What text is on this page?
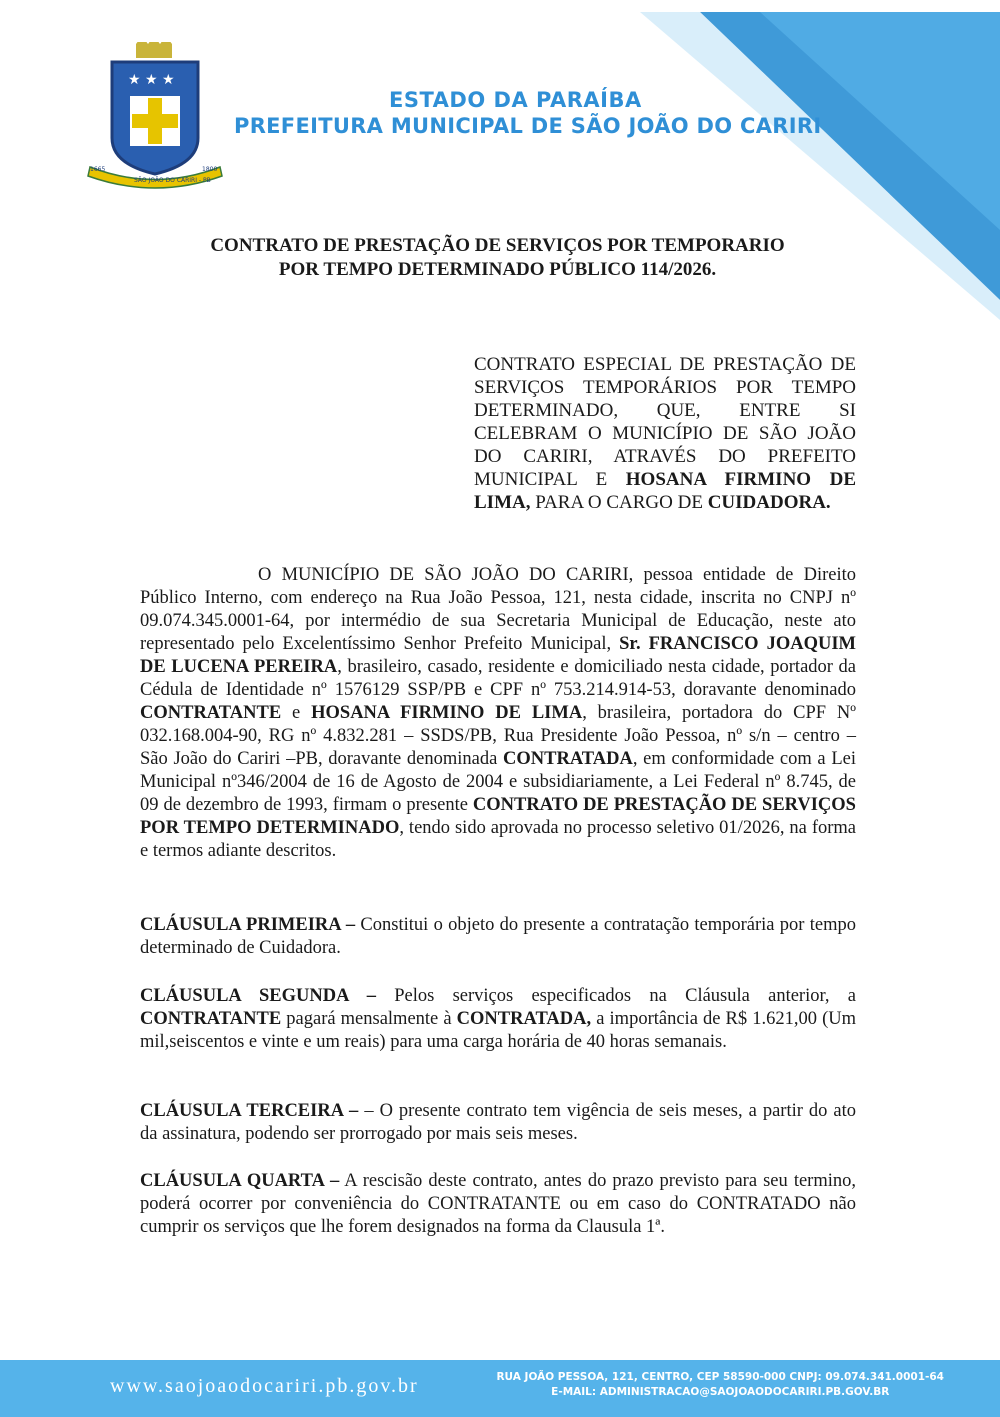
★ ★ ★
SÃO JOÃO DO CARIRI - PB
1665	1800
ESTADO DA PARAÍBA
PREFEITURA MUNICIPAL DE SÃO JOÃO DO CARIRI
CONTRATO DE PRESTAÇÃO DE SERVIÇOS POR TEMPORARIO
POR TEMPO DETERMINADO PÚBLICO 114/2026.
CONTRATO ESPECIAL DE PRESTAÇÃO DE SERVIÇOS TEMPORÁRIOS POR TEMPO DETERMINADO, QUE, ENTRE SI CELEBRAM O MUNICÍPIO DE SÃO JOÃO DO CARIRI, ATRAVÉS DO PREFEITO MUNICIPAL E HOSANA FIRMINO DE LIMA, PARA O CARGO DE CUIDADORA.
O MUNICÍPIO DE SÃO JOÃO DO CARIRI, pessoa entidade de Direito Público Interno, com endereço na Rua João Pessoa, 121, nesta cidade, inscrita no CNPJ nº 09.074.345.0001-64, por intermédio de sua Secretaria Municipal de Educação, neste ato representado pelo Excelentíssimo Senhor Prefeito Municipal, Sr. FRANCISCO JOAQUIM DE LUCENA PEREIRA, brasileiro, casado, residente e domiciliado nesta cidade, portador da Cédula de Identidade nº 1576129 SSP/PB e CPF nº 753.214.914-53, doravante denominado CONTRATANTE e HOSANA FIRMINO DE LIMA, brasileira, portadora do CPF Nº 032.168.004-90, RG nº 4.832.281 – SSDS/PB, Rua Presidente João Pessoa, nº s/n – centro – São João do Cariri –PB, doravante denominada CONTRATADA, em conformidade com a Lei Municipal nº346/2004 de 16 de Agosto de 2004 e subsidiariamente, a Lei Federal nº 8.745, de 09 de dezembro de 1993, firmam o presente CONTRATO DE PRESTAÇÃO DE SERVIÇOS POR TEMPO DETERMINADO, tendo sido aprovada no processo seletivo 01/2026, na forma e termos adiante descritos.
CLÁUSULA PRIMEIRA – Constitui o objeto do presente a contratação temporária por tempo determinado de Cuidadora.
CLÁUSULA SEGUNDA – Pelos serviços especificados na Cláusula anterior, a CONTRATANTE pagará mensalmente à CONTRATADA, a importância de R$ 1.621,00 (Um mil,seiscentos e vinte e um reais) para uma carga horária de 40 horas semanais.
CLÁUSULA TERCEIRA – – O presente contrato tem vigência de seis meses, a partir do ato da assinatura, podendo ser prorrogado por mais seis meses.
CLÁUSULA QUARTA – A rescisão deste contrato, antes do prazo previsto para seu termino, poderá ocorrer por conveniência do CONTRATANTE ou em caso do CONTRATADO não cumprir os serviços que lhe forem designados na forma da Clausula 1ª.
www.saojoaodocariri.pb.gov.br	RUA JOÃO PESSOA, 121, CENTRO, CEP 58590-000 CNPJ: 09.074.341.0001-64
E-MAIL: ADMINISTRACAO@SAOJOAODOCARIRI.PB.GOV.BR
